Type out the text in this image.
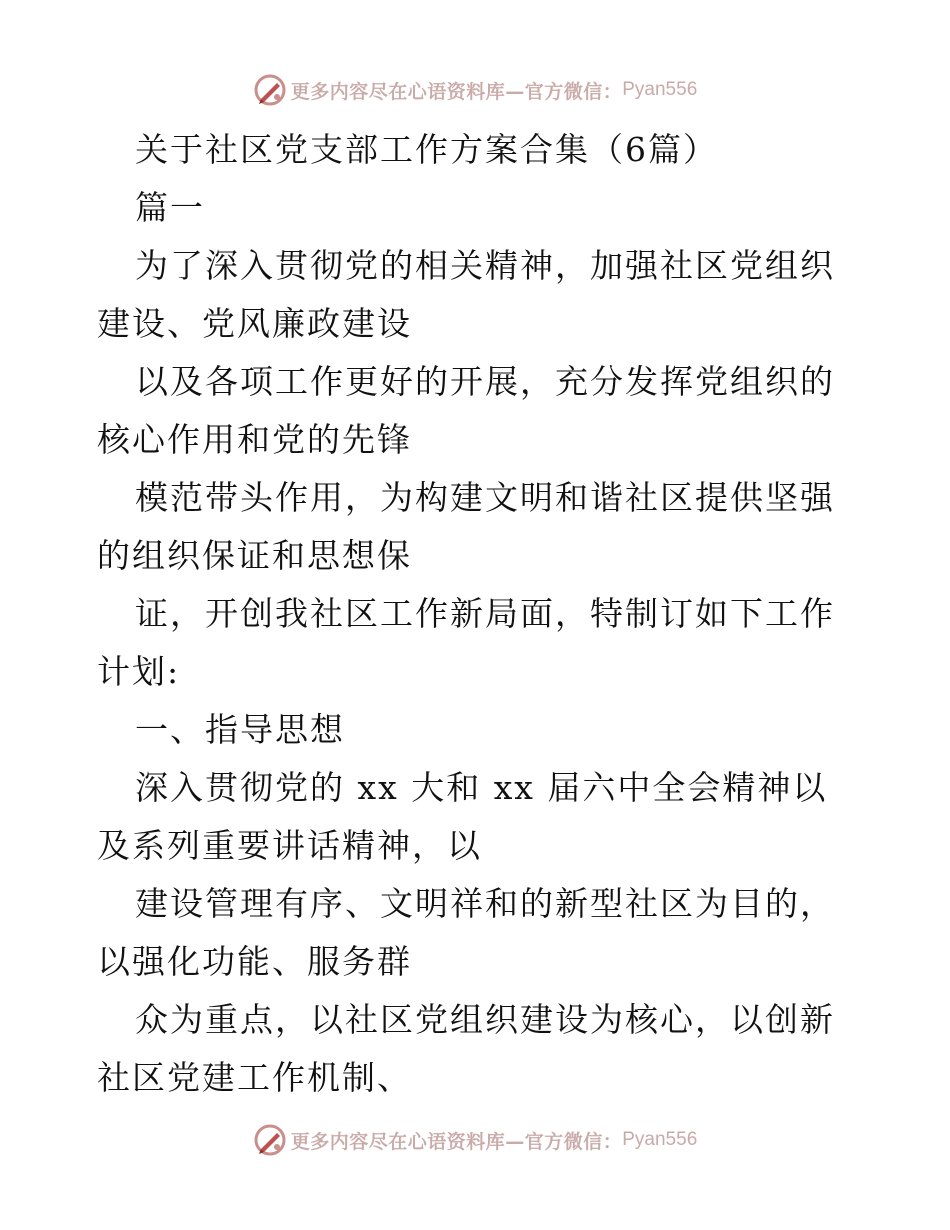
更多内容尽在心语资料库—官方微信： Pyan556

关于社区党支部工作方案合集（6篇）

篇一

为了深入贯彻党的相关精神，加强社区党组织建设、党风廉政建设

以及各项工作更好的开展，充分发挥党组织的核心作用和党的先锋

模范带头作用，为构建文明和谐社区提供坚强的组织保证和思想保

证，开创我社区工作新局面，特制订如下工作计划:

一、指导思想

深入贯彻党的 xx 大和 xx 届六中全会精神以及系列重要讲话精神，以

建设管理有序、文明祥和的新型社区为目的，以强化功能、服务群

众为重点，以社区党组织建设为核心，以创新社区党建工作机制、

更多内容尽在心语资料库—官方微信： Pyan556
